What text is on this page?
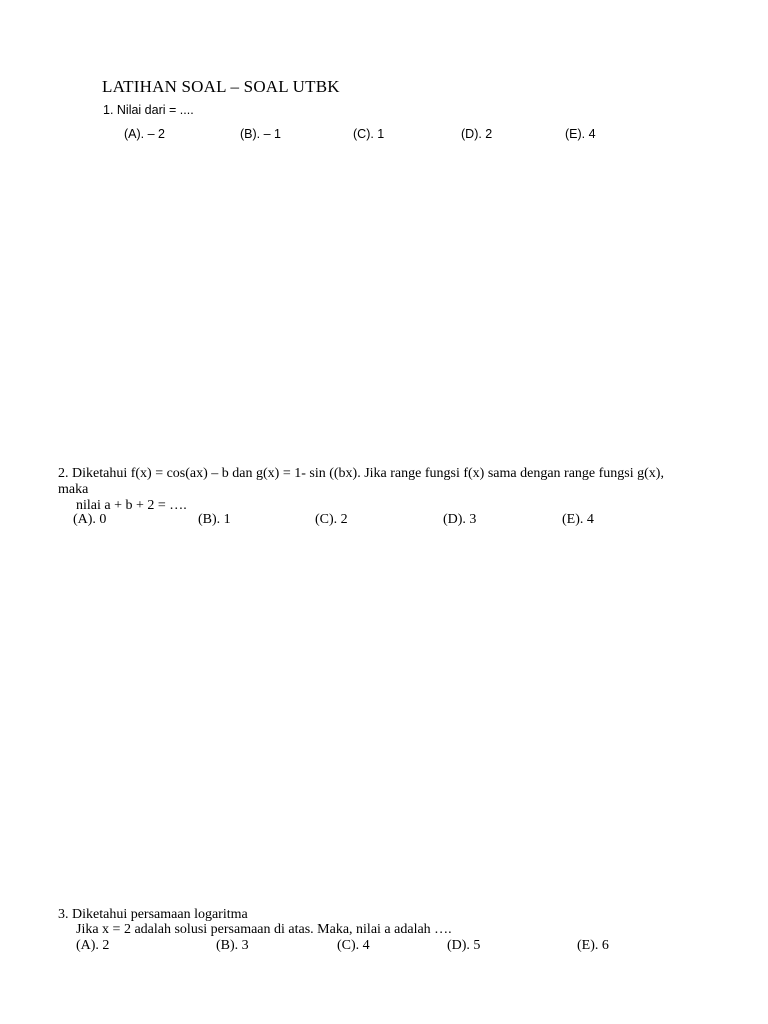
LATIHAN SOAL – SOAL UTBK
1. Nilai dari = ....
(A). – 2	(B). – 1	(C). 1	(D). 2	(E). 4
2. Diketahui f(x) = cos(ax) – b dan g(x) = 1- sin ((bx). Jika range fungsi f(x) sama dengan range fungsi g(x),
maka
nilai a + b + 2 = ….
(A). 0	(B). 1	(C). 2	(D). 3	(E). 4
3. Diketahui persamaan logaritma
Jika x = 2 adalah solusi persamaan di atas. Maka, nilai a adalah ….
(A). 2	(B). 3	(C). 4	(D). 5	(E). 6
